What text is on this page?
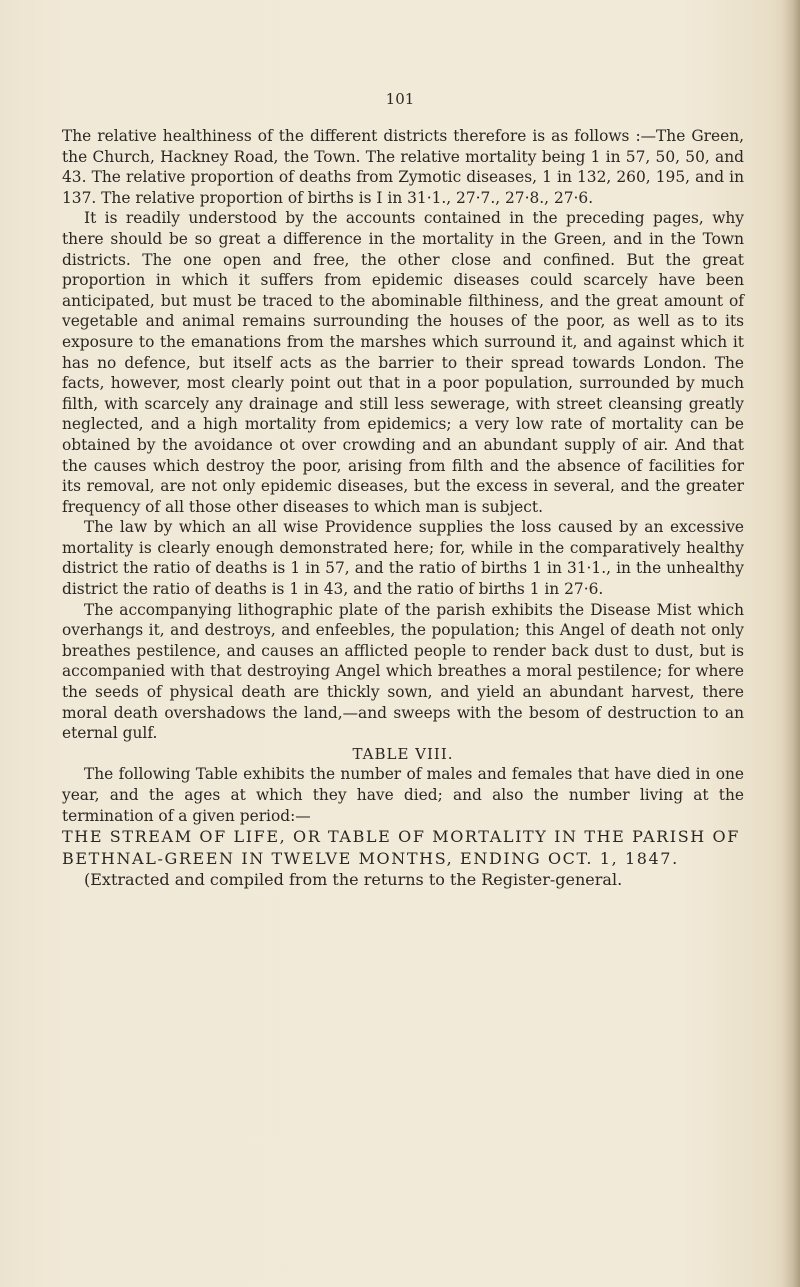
101

The relative healthiness of the different districts therefore is as follows :—The Green, the Church, Hackney Road, the Town. The relative mortality being 1 in 57, 50, 50, and 43. The relative proportion of deaths from Zymotic diseases, 1 in 132, 260, 195, and in 137. The relative proportion of births is I in 31·1., 27·7., 27·8., 27·6.

It is readily understood by the accounts contained in the preceding pages, why there should be so great a difference in the mortality in the Green, and in the Town districts. The one open and free, the other close and confined. But the great proportion in which it suffers from epidemic diseases could scarcely have been anticipated, but must be traced to the abominable filthiness, and the great amount of vegetable and animal remains surrounding the houses of the poor, as well as to its exposure to the emanations from the marshes which surround it, and against which it has no defence, but itself acts as the barrier to their spread towards London. The facts, however, most clearly point out that in a poor population, surrounded by much filth, with scarcely any drainage and still less sewerage, with street cleansing greatly neglected, and a high mortality from epidemics; a very low rate of mortality can be obtained by the avoidance ot over crowding and an abundant supply of air. And that the causes which destroy the poor, arising from filth and the absence of facilities for its removal, are not only epidemic diseases, but the excess in several, and the greater frequency of all those other diseases to which man is subject.

The law by which an all wise Providence supplies the loss caused by an excessive mortality is clearly enough demonstrated here; for, while in the comparatively healthy district the ratio of deaths is 1 in 57, and the ratio of births 1 in 31·1., in the unhealthy district the ratio of deaths is 1 in 43, and the ratio of births 1 in 27·6.

The accompanying lithographic plate of the parish exhibits the Disease Mist which overhangs it, and destroys, and enfeebles, the population; this Angel of death not only breathes pestilence, and causes an afflicted people to render back dust to dust, but is accompanied with that destroying Angel which breathes a moral pestilence; for where the seeds of physical death are thickly sown, and yield an abundant harvest, there moral death overshadows the land,—and sweeps with the besom of destruction to an eternal gulf.

TABLE VIII.

The following Table exhibits the number of males and females that have died in one year, and the ages at which they have died; and also the number living at the termination of a given period:—

THE STREAM OF LIFE, OR TABLE OF MORTALITY IN THE PARISH OF BETHNAL-GREEN IN TWELVE MONTHS, ENDING OCT. 1, 1847.

(Extracted and compiled from the returns to the Register-general.
